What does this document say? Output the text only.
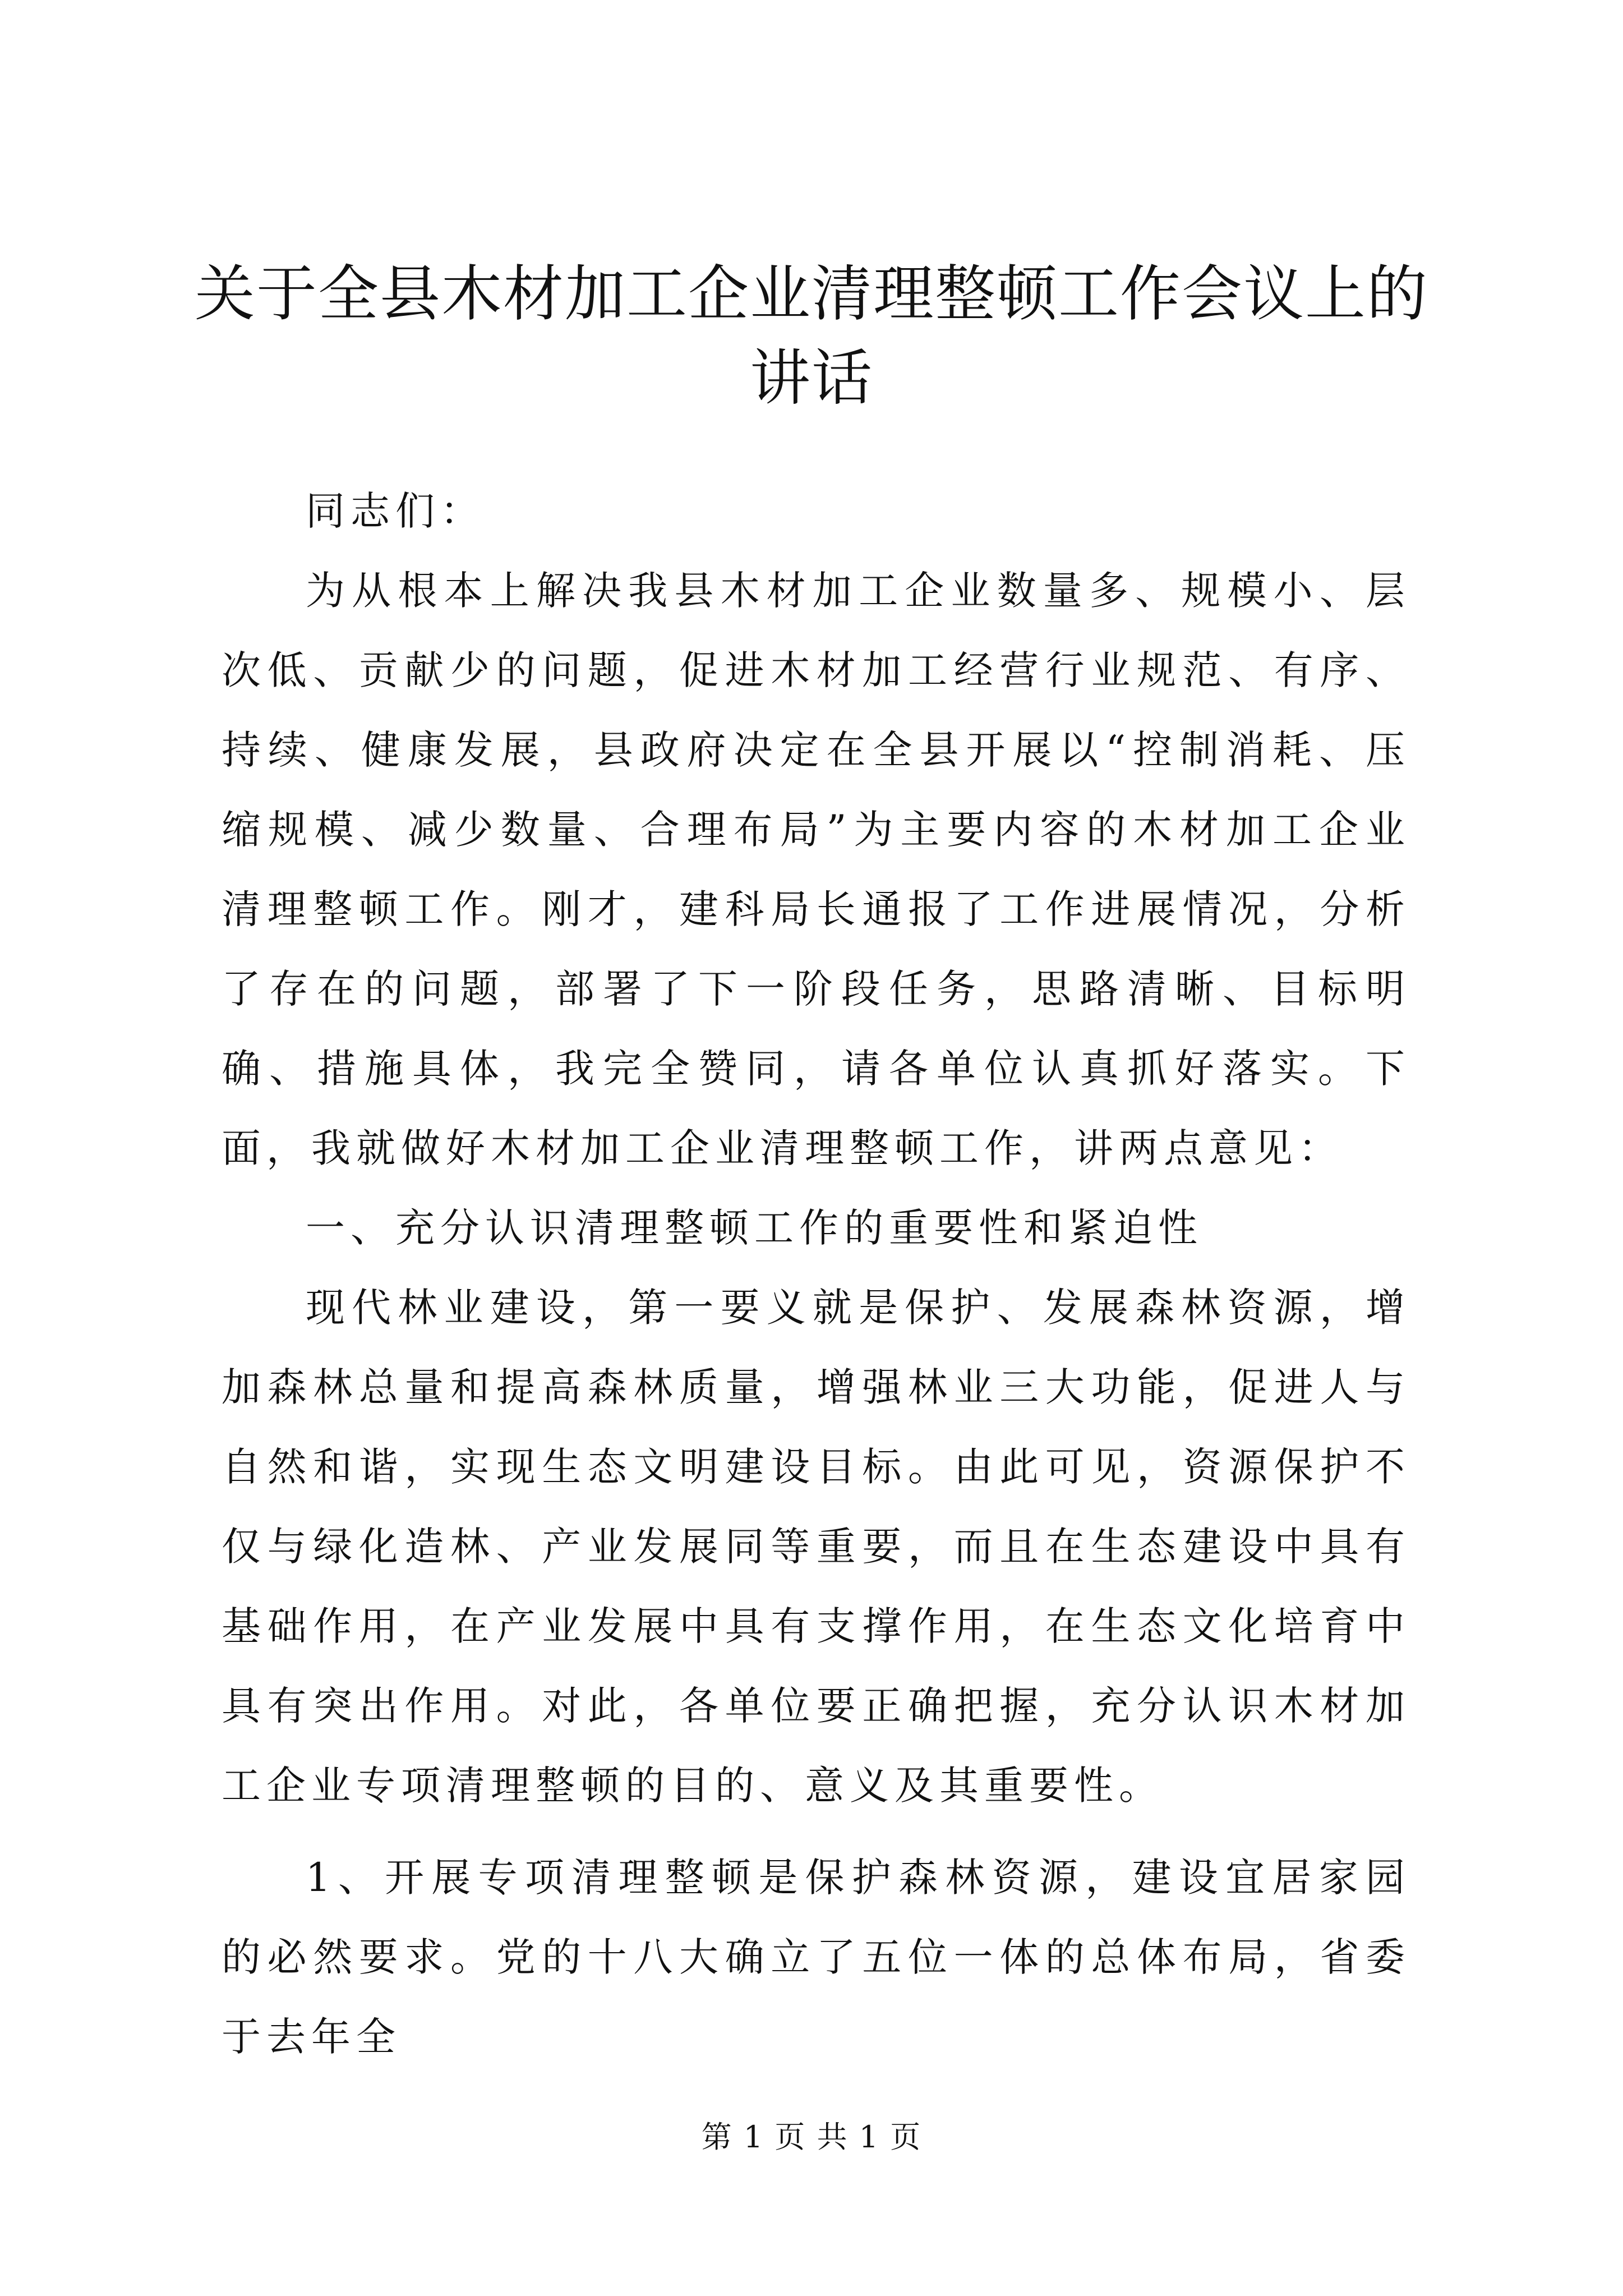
关于全县木材加工企业清理整顿工作会议上的
讲话

同志们：

为从根本上解决我县木材加工企业数量多、规模小、层次低、贡献少的问题，促进木材加工经营行业规范、有序、持续、健康发展，县政府决定在全县开展以“控制消耗、压缩规模、减少数量、合理布局”为主要内容的木材加工企业清理整顿工作。刚才，建科局长通报了工作进展情况，分析了存在的问题，部署了下一阶段任务，思路清晰、目标明确、措施具体，我完全赞同，请各单位认真抓好落实。下面，我就做好木材加工企业清理整顿工作，讲两点意见：

一、充分认识清理整顿工作的重要性和紧迫性

现代林业建设，第一要义就是保护、发展森林资源，增加森林总量和提高森林质量，增强林业三大功能，促进人与自然和谐，实现生态文明建设目标。由此可见，资源保护不仅与绿化造林、产业发展同等重要，而且在生态建设中具有基础作用，在产业发展中具有支撑作用，在生态文化培育中具有突出作用。对此，各单位要正确把握，充分认识木材加工企业专项清理整顿的目的、意义及其重要性。

1、开展专项清理整顿是保护森林资源，建设宜居家园的必然要求。党的十八大确立了五位一体的总体布局，省委于去年全

第 1 页 共 1 页
